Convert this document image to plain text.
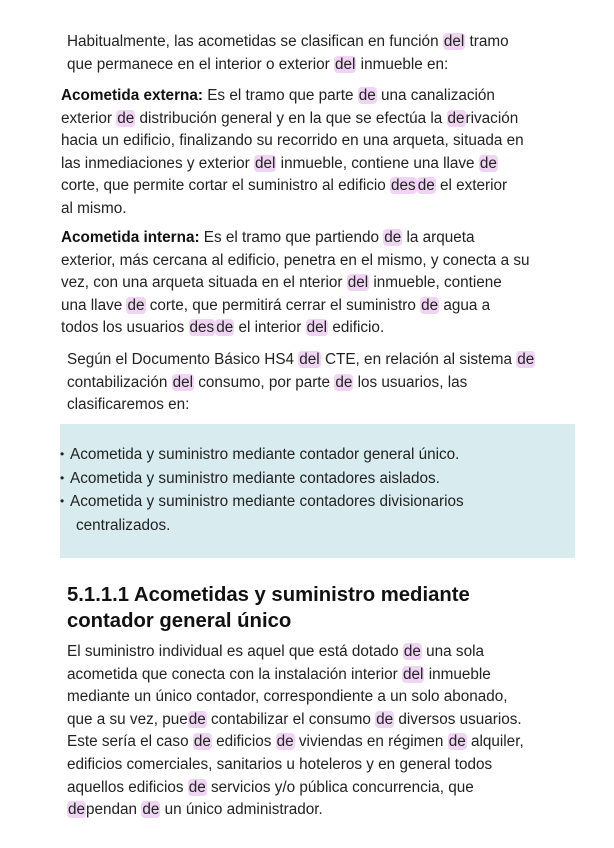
Habitualmente, las acometidas se clasifican en función del tramo
que permanece en el interior o exterior del inmueble en:
Acometida externa: Es el tramo que parte de una canalización
exterior de distribución general y en la que se efectúa la derivación
hacia un edificio, finalizando su recorrido en una arqueta, situada en
las inmediaciones y exterior del inmueble, contiene una llave de
corte, que permite cortar el suministro al edificio des de el exterior
al mismo.
Acometida interna: Es el tramo que partiendo de la arqueta
exterior, más cercana al edificio, penetra en el mismo, y conecta a su
vez, con una arqueta situada en el nterior del inmueble, contiene
una llave de corte, que permitirá cerrar el suministro de agua a
todos los usuarios des de el interior del edificio.
Según el Documento Básico HS4 del CTE, en relación al sistema de
contabilización del consumo, por parte de los usuarios, las
clasificaremos en:
• Acometida y suministro mediante contador general único.
• Acometida y suministro mediante contadores aislados.
• Acometida y suministro mediante contadores divisionarios
centralizados.
5.1.1.1 Acometidas y suministro mediante
contador general único
El suministro individual es aquel que está dotado de una sola
acometida que conecta con la instalación interior del inmueble
mediante un único contador, correspondiente a un solo abonado,
que a su vez, puede contabilizar el consumo de diversos usuarios.
Este sería el caso de edificios de viviendas en régimen de alquiler,
edificios comerciales, sanitarios u hoteleros y en general todos
aquellos edificios de servicios y/o pública concurrencia, que
dependan de un único administrador.
